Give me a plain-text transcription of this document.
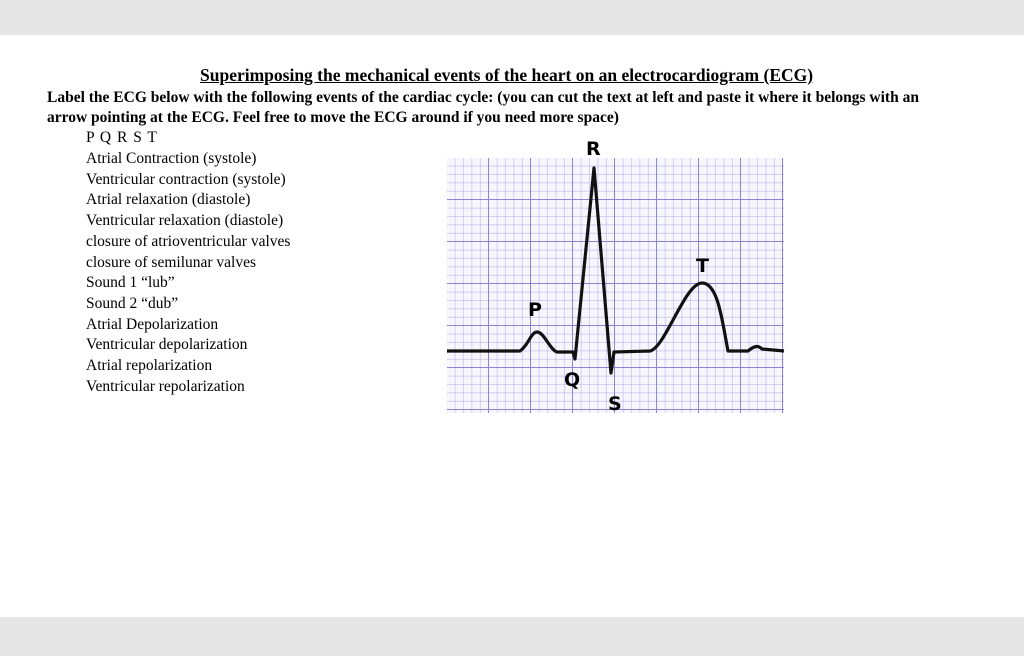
Superimposing the mechanical events of the heart on an electrocardiogram (ECG)
Label the ECG below with the following events of the cardiac cycle: (you can cut the text at left and paste it where it belongs with an
arrow pointing at the ECG. Feel free to move the ECG around if you need more space)
P Q R S T
Atrial Contraction (systole)
Ventricular contraction (systole)
Atrial relaxation (diastole)
Ventricular relaxation (diastole)
closure of atrioventricular valves
closure of semilunar valves
Sound 1 “lub”
Sound 2 “dub”
Atrial Depolarization
Ventricular depolarization
Atrial repolarization
Ventricular repolarization
R
T
P
Q
S
